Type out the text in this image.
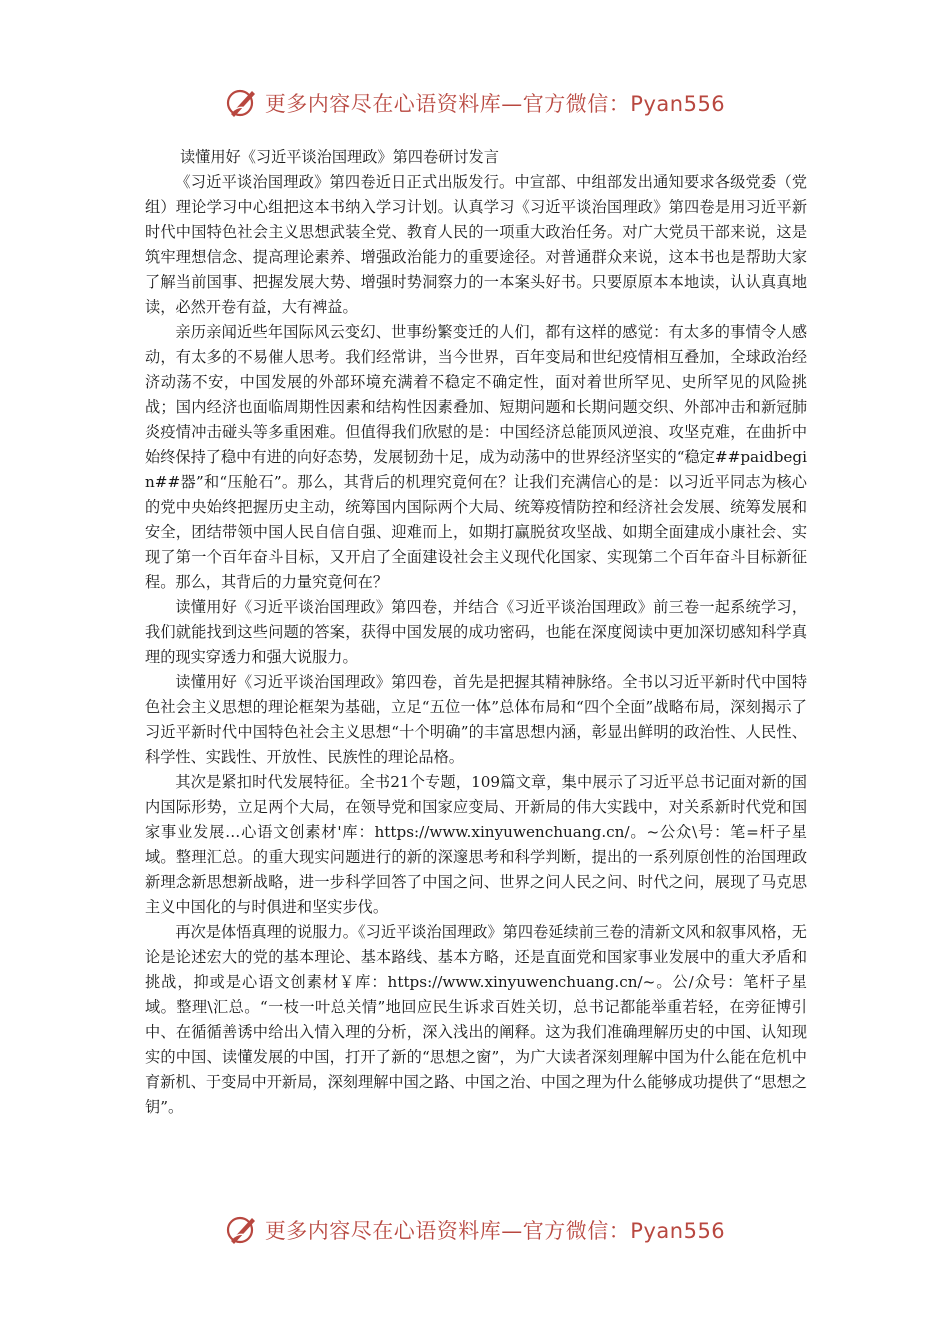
更多内容尽在心语资料库—官方微信：Pyan556

读懂用好《习近平谈治国理政》第四卷研讨发言

《习近平谈治国理政》第四卷近日正式出版发行。中宣部、中组部发出通知要求各级党委（党组）理论学习中心组把这本书纳入学习计划。认真学习《习近平谈治国理政》第四卷是用习近平新时代中国特色社会主义思想武装全党、教育人民的一项重大政治任务。对广大党员干部来说，这是筑牢理想信念、提高理论素养、增强政治能力的重要途径。对普通群众来说，这本书也是帮助大家了解当前国事、把握发展大势、增强时势洞察力的一本案头好书。只要原原本本地读，认认真真地读，必然开卷有益，大有裨益。

亲历亲闻近些年国际风云变幻、世事纷繁变迁的人们，都有这样的感觉：有太多的事情令人感动，有太多的不易催人思考。我们经常讲，当今世界，百年变局和世纪疫情相互叠加，全球政治经济动荡不安，中国发展的外部环境充满着不稳定不确定性，面对着世所罕见、史所罕见的风险挑战；国内经济也面临周期性因素和结构性因素叠加、短期问题和长期问题交织、外部冲击和新冠肺炎疫情冲击碰头等多重困难。但值得我们欣慰的是：中国经济总能顶风逆浪、攻坚克难，在曲折中始终保持了稳中有进的向好态势，发展韧劲十足，成为动荡中的世界经济坚实的“稳定##paidbegin##器”和“压舱石”。那么，其背后的机理究竟何在？让我们充满信心的是：以习近平同志为核心的党中央始终把握历史主动，统筹国内国际两个大局、统筹疫情防控和经济社会发展、统筹发展和安全，团结带领中国人民自信自强、迎难而上，如期打赢脱贫攻坚战、如期全面建成小康社会、实现了第一个百年奋斗目标，又开启了全面建设社会主义现代化国家、实现第二个百年奋斗目标新征程。那么，其背后的力量究竟何在？

读懂用好《习近平谈治国理政》第四卷，并结合《习近平谈治国理政》前三卷一起系统学习，我们就能找到这些问题的答案，获得中国发展的成功密码，也能在深度阅读中更加深切感知科学真理的现实穿透力和强大说服力。

读懂用好《习近平谈治国理政》第四卷，首先是把握其精神脉络。全书以习近平新时代中国特色社会主义思想的理论框架为基础，立足“五位一体”总体布局和“四个全面”战略布局，深刻揭示了习近平新时代中国特色社会主义思想“十个明确”的丰富思想内涵，彰显出鲜明的政治性、人民性、科学性、实践性、开放性、民族性的理论品格。

其次是紧扣时代发展特征。全书21个专题，109篇文章，集中展示了习近平总书记面对新的国内国际形势，立足两个大局，在领导党和国家应变局、开新局的伟大实践中，对关系新时代党和国家事业发展…心语文创素材'库：https://www.xinyuwenchuang.cn/。~公众\号：笔=杆子星域。整理汇总。的重大现实问题进行的新的深邃思考和科学判断，提出的一系列原创性的治国理政新理念新思想新战略，进一步科学回答了中国之问、世界之问人民之问、时代之问，展现了马克思主义中国化的与时俱进和坚实步伐。

再次是体悟真理的说服力。《习近平谈治国理政》第四卷延续前三卷的清新文风和叙事风格，无论是论述宏大的党的基本理论、基本路线、基本方略，还是直面党和国家事业发展中的重大矛盾和挑战，抑或是心语文创素材￥库：https://www.xinyuwenchuang.cn/~。公/众号：笔杆子星域。整理\汇总。“一枝一叶总关情”地回应民生诉求百姓关切，总书记都能举重若轻，在旁征博引中、在循循善诱中给出入情入理的分析，深入浅出的阐释。这为我们准确理解历史的中国、认知现实的中国、读懂发展的中国，打开了新的“思想之窗”，为广大读者深刻理解中国为什么能在危机中育新机、于变局中开新局，深刻理解中国之路、中国之治、中国之理为什么能够成功提供了“思想之钥”。

更多内容尽在心语资料库—官方微信：Pyan556
